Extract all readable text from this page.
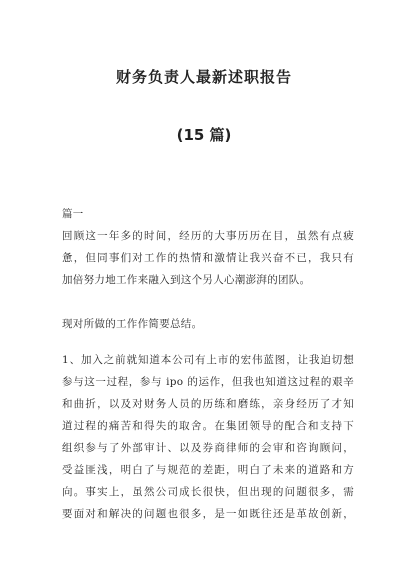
财务负责人最新述职报告
(15 篇)
篇一
回顾这一年多的时间，经历的大事历历在目，虽然有点疲
惫，但同事们对工作的热情和激情让我兴奋不已，我只有
加倍努力地工作来融入到这个另人心潮澎湃的团队。
现对所做的工作作简要总结。
1、加入之前就知道本公司有上市的宏伟蓝图，让我迫切想
参与这一过程，参与 ipo 的运作，但我也知道这过程的艰辛
和曲折，以及对财务人员的历练和磨练，亲身经历了才知
道过程的痛苦和得失的取舍。在集团领导的配合和支持下
组织参与了外部审计、以及券商律师的会审和咨询顾问，
受益匪浅，明白了与规范的差距，明白了未来的道路和方
向。事实上，虽然公司成长很快，但出现的问题很多，需
要面对和解决的问题也很多，是一如既往还是革故创新，
